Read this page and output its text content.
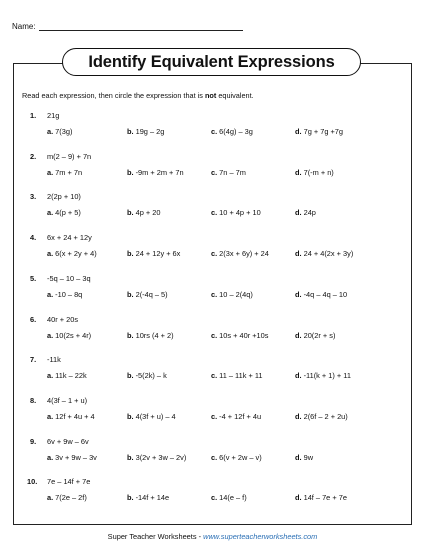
Name:
Identify Equivalent Expressions
Read each expression, then circle the expression that is not equivalent.
1. 21g
a. 7(3g)	b. 19g – 2g	c. 6(4g) – 3g	d. 7g + 7g +7g
2. m(2 – 9) + 7n
a. 7m + 7n	b. -9m + 2m + 7n	c. 7n – 7m	d. 7(-m + n)
3. 2(2p + 10)
a. 4(p + 5)	b. 4p + 20	c. 10 + 4p + 10	d. 24p
4. 6x + 24 + 12y
a. 6(x + 2y + 4)	b. 24 + 12y + 6x	c. 2(3x + 6y) + 24	d. 24 + 4(2x + 3y)
5. -5q – 10 – 3q
a. -10 – 8q	b. 2(-4q – 5)	c. 10 – 2(4q)	d. -4q – 4q – 10
6. 40r + 20s
a. 10(2s + 4r)	b. 10rs (4 + 2)	c. 10s + 40r +10s	d. 20(2r + s)
7. -11k
a. 11k – 22k	b. -5(2k) – k	c. 11 – 11k + 11	d. -11(k + 1) + 11
8. 4(3f – 1 + u)
a. 12f + 4u + 4	b. 4(3f + u) – 4	c. -4 + 12f + 4u	d. 2(6f – 2 + 2u)
9. 6v + 9w – 6v
a. 3v + 9w – 3v	b. 3(2v + 3w – 2v)	c. 6(v + 2w – v)	d. 9w
10. 7e – 14f + 7e
a. 7(2e – 2f)	b. -14f + 14e	c. 14(e – f)	d. 14f – 7e + 7e
Super Teacher Worksheets - www.superteacherworksheets.com
